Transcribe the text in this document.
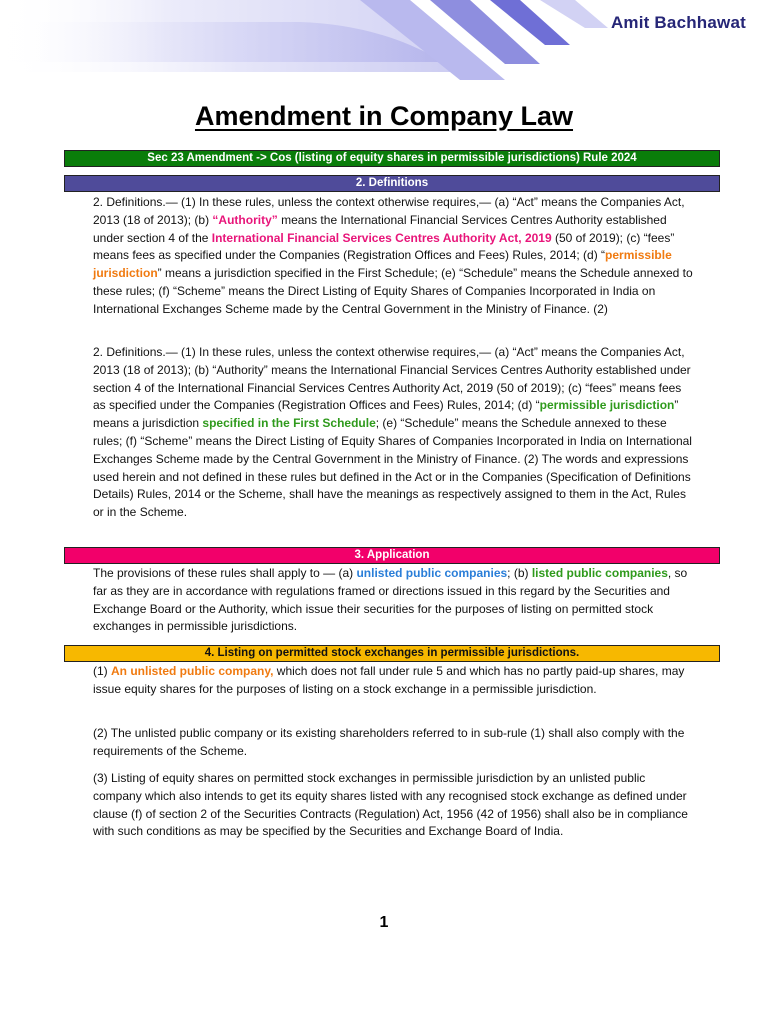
Amit Bachhawat
Amendment in Company Law
Sec 23 Amendment -> Cos (listing of equity shares in permissible jurisdictions) Rule 2024
2. Definitions
2. Definitions.— (1) In these rules, unless the context otherwise requires,— (a) “Act” means the Companies Act, 2013 (18 of 2013); (b) “Authority” means the International Financial Services Centres Authority established under section 4 of the International Financial Services Centres Authority Act, 2019 (50 of 2019); (c) “fees” means fees as specified under the Companies (Registration Offices and Fees) Rules, 2014; (d) “permissible jurisdiction” means a jurisdiction specified in the First Schedule; (e) “Schedule” means the Schedule annexed to these rules; (f) “Scheme” means the Direct Listing of Equity Shares of Companies Incorporated in India on International Exchanges Scheme made by the Central Government in the Ministry of Finance. (2)
2. Definitions.— (1) In these rules, unless the context otherwise requires,— (a) “Act” means the Companies Act, 2013 (18 of 2013); (b) “Authority” means the International Financial Services Centres Authority established under section 4 of the International Financial Services Centres Authority Act, 2019 (50 of 2019); (c) “fees” means fees as specified under the Companies (Registration Offices and Fees) Rules, 2014; (d) “permissible jurisdiction” means a jurisdiction specified in the First Schedule; (e) “Schedule” means the Schedule annexed to these rules; (f) “Scheme” means the Direct Listing of Equity Shares of Companies Incorporated in India on International Exchanges Scheme made by the Central Government in the Ministry of Finance. (2) The words and expressions used herein and not defined in these rules but defined in the Act or in the Companies (Specification of Definitions Details) Rules, 2014 or the Scheme, shall have the meanings as respectively assigned to them in the Act, Rules or in the Scheme.
3. Application
The provisions of these rules shall apply to — (a) unlisted public companies; (b) listed public companies, so far as they are in accordance with regulations framed or directions issued in this regard by the Securities and Exchange Board or the Authority, which issue their securities for the purposes of listing on permitted stock exchanges in permissible jurisdictions.
4. Listing on permitted stock exchanges in permissible jurisdictions.
(1) An unlisted public company, which does not fall under rule 5 and which has no partly paid-up shares, may issue equity shares for the purposes of listing on a stock exchange in a permissible jurisdiction.
(2) The unlisted public company or its existing shareholders referred to in sub-rule (1) shall also comply with the requirements of the Scheme.
(3) Listing of equity shares on permitted stock exchanges in permissible jurisdiction by an unlisted public company which also intends to get its equity shares listed with any recognised stock exchange as defined under clause (f) of section 2 of the Securities Contracts (Regulation) Act, 1956 (42 of 1956) shall also be in compliance with such conditions as may be specified by the Securities and Exchange Board of India.
1
